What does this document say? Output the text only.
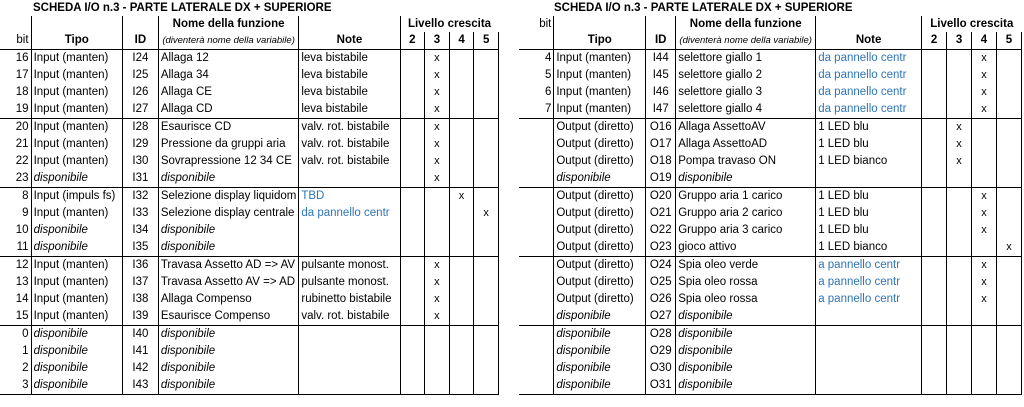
SCHEDA I/O n.3 - PARTE LATERALE DX + SUPERIORE
			Nome della funzione		Livello crescita			
bit	Tipo	ID	(diventerà nome della variabile)	Note	2	3	4	5
16	Input (manten)	I24	Allaga 12	leva bistabile		x		
17	Input (manten)	I25	Allaga 34	leva bistabile		x		
18	Input (manten)	I26	Allaga CE	leva bistabile		x		
19	Input (manten)	I27	Allaga CD	leva bistabile		x		
20	Input (manten)	I28	Esaurisce CD	valv. rot. bistabile		x		
21	Input (manten)	I29	Pressione da gruppi aria	valv. rot. bistabile		x		
22	Input (manten)	I30	Sovrapressione 12 34 CE	valv. rot. bistabile		x		
23	disponibile	I31	disponibile			x		
8	Input (impuls fs)	I32	Selezione display liquidom	TBD			x	
9	Input (manten)	I33	Selezione display centrale	da pannello centr				x
10	disponibile	I34	disponibile					
11	disponibile	I35	disponibile					
12	Input (manten)	I36	Travasa Assetto AD => AV	pulsante monost.		x		
13	Input (manten)	I37	Travasa Assetto AV => AD	pulsante monost.		x		
14	Input (manten)	I38	Allaga Compenso	rubinetto bistabile		x		
15	Input (manten)	I39	Esaurisce Compenso	valv. rot. bistabile		x		
0	disponibile	I40	disponibile					
1	disponibile	I41	disponibile					
2	disponibile	I42	disponibile					
3	disponibile	I43	disponibile					
SCHEDA I/O n.3 - PARTE LATERALE DX + SUPERIORE
bit			Nome della funzione		Livello crescita			
	Tipo	ID	(diventerà nome della variabile)	Note	2	3	4	5
4	Input (manten)	I44	selettore giallo 1	da pannello centr			x	
5	Input (manten)	I45	selettore giallo 2	da pannello centr			x	
6	Input (manten)	I46	selettore giallo 3	da pannello centr			x	
7	Input (manten)	I47	selettore giallo 4	da pannello centr			x	
	Output (diretto)	O16	Allaga AssettoAV	1 LED blu		x		
	Output (diretto)	O17	Allaga AssettoAD	1 LED blu		x		
	Output (diretto)	O18	Pompa travaso ON	1 LED bianco		x		
	disponibile	O19	disponibile					
	Output (diretto)	O20	Gruppo aria 1 carico	1 LED blu			x	
	Output (diretto)	O21	Gruppo aria 2 carico	1 LED blu			x	
	Output (diretto)	O22	Gruppo aria 3 carico	1 LED blu			x	
	Output (diretto)	O23	gioco attivo	1 LED bianco				x
	Output (diretto)	O24	Spia oleo verde	a pannello centr			x	
	Output (diretto)	O25	Spia oleo rossa	a pannello centr			x	
	Output (diretto)	O26	Spia oleo rossa	a pannello centr			x	
	disponibile	O27	disponibile					
	disponibile	O28	disponibile					
	disponibile	O29	disponibile					
	disponibile	O30	disponibile					
	disponibile	O31	disponibile					
